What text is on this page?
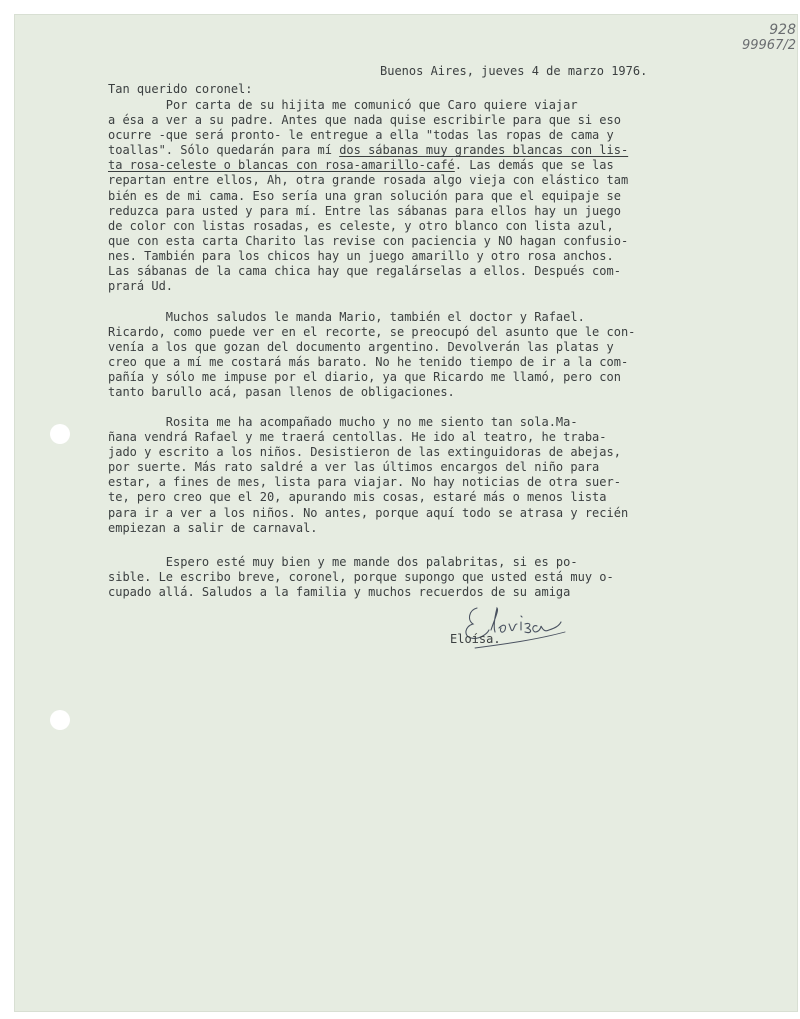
928
99967/2
Buenos Aires, jueves 4 de marzo 1976.
Tan querido coronel:
Por carta de su hijita me comunicó que Caro quiere viajar
a ésa a ver a su padre. Antes que nada quise escribirle para que si eso
ocurre -que será pronto- le entregue a ella "todas las ropas de cama y
toallas". Sólo quedarán para mí dos sábanas muy grandes blancas con lis-
ta rosa-celeste o blancas con rosa-amarillo-café. Las demás que se las
repartan entre ellos, Ah, otra grande rosada algo vieja con elástico tam
bién es de mi cama. Eso sería una gran solución para que el equipaje se
reduzca para usted y para mí. Entre las sábanas para ellos hay un juego
de color con listas rosadas, es celeste, y otro blanco con lista azul,
que con esta carta Charito las revise con paciencia y NO hagan confusio-
nes. También para los chicos hay un juego amarillo y otro rosa anchos.
Las sábanas de la cama chica hay que regalárselas a ellos. Después com-
prará Ud.
Muchos saludos le manda Mario, también el doctor y Rafael.
Ricardo, como puede ver en el recorte, se preocupó del asunto que le con-
venía a los que gozan del documento argentino. Devolverán las platas y
creo que a mí me costará más barato. No he tenido tiempo de ir a la com-
pañía y sólo me impuse por el diario, ya que Ricardo me llamó, pero con
tanto barullo acá, pasan llenos de obligaciones.
Rosita me ha acompañado mucho y no me siento tan sola.Ma-
ñana vendrá Rafael y me traerá centollas. He ido al teatro, he traba-
jado y escrito a los niños. Desistieron de las extinguidoras de abejas,
por suerte. Más rato saldré a ver las últimos encargos del niño para
estar, a fines de mes, lista para viajar. No hay noticias de otra suer-
te, pero creo que el 20, apurando mis cosas, estaré más o menos lista
para ir a ver a los niños. No antes, porque aquí todo se atrasa y recién
empiezan a salir de carnaval.
Espero esté muy bien y me mande dos palabritas, si es po-
sible. Le escribo breve, coronel, porque supongo que usted está muy o-
cupado allá. Saludos a la familia y muchos recuerdos de su amiga
Eloísa.
